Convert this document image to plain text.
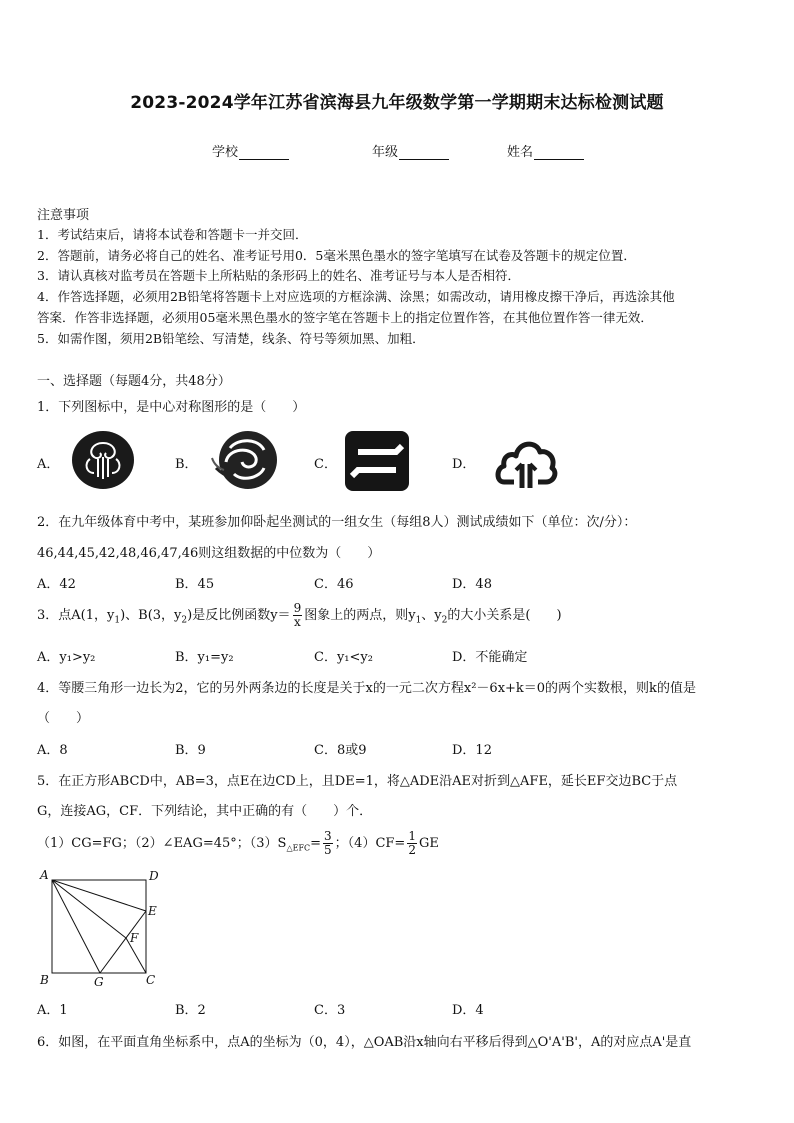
2023-2024学年江苏省滨海县九年级数学第一学期期末达标检测试题
学校	年级	姓名
注意事项
1．考试结束后，请将本试卷和答题卡一并交回．
2．答题前，请务必将自己的姓名、准考证号用0．5毫米黑色墨水的签字笔填写在试卷及答题卡的规定位置．
3．请认真核对监考员在答题卡上所粘贴的条形码上的姓名、准考证号与本人是否相符．
4．作答选择题，必须用2B铅笔将答题卡上对应选项的方框涂满、涂黑；如需改动，请用橡皮擦干净后，再选涂其他
答案．作答非选择题，必须用05毫米黑色墨水的签字笔在答题卡上的指定位置作答，在其他位置作答一律无效．
5．如需作图，须用2B铅笔绘、写清楚，线条、符号等须加黑、加粗．
一、选择题（每题4分，共48分）
1．下列图标中，是中心对称图形的是（　　）
A．	B．	C．	D．
2．在九年级体育中考中，某班参加仰卧起坐测试的一组女生（每组8人）测试成绩如下（单位：次/分）：
46,44,45,42,48,46,47,46则这组数据的中位数为（　　）
A．42	B．45	C．46	D．48
3．点A(1，$y_1$)、B(3，$y_2$)是反比例函数$y= \frac{9}{x}$ 图象上的两点，则$y_1$、$y_2$的大小关系是(　　)
A．y₁>y₂	B．y₁=y₂	C．y₁<y₂	D．不能确定
4．等腰三角形一边长为2，它的另外两条边的长度是关于x的一元二次方程x²－6x+k＝0的两个实数根，则k的值是
（　　）
A．8	B．9	C．8或9	D．12
5．在正方形ABCD中，AB=3，点E在边CD上，且DE=1，将△ADE沿AE对折到△AFE，延长EF交边BC于点
G，连接AG，CF．下列结论，其中正确的有（　　）个．
（1）CG=FG；（2）∠EAG=45°；$(3)S_{\triangle EFC}= \frac{3}{5}$ ；$(4)CF= \frac{1}{2}$ GE
A	D
E
F
B	G	C
A．1	B．2	C．3	D．4
6．如图，在平面直角坐标系中，点A的坐标为（0，4），△OAB沿x轴向右平移后得到△O'A'B'，A的对应点A'是直
